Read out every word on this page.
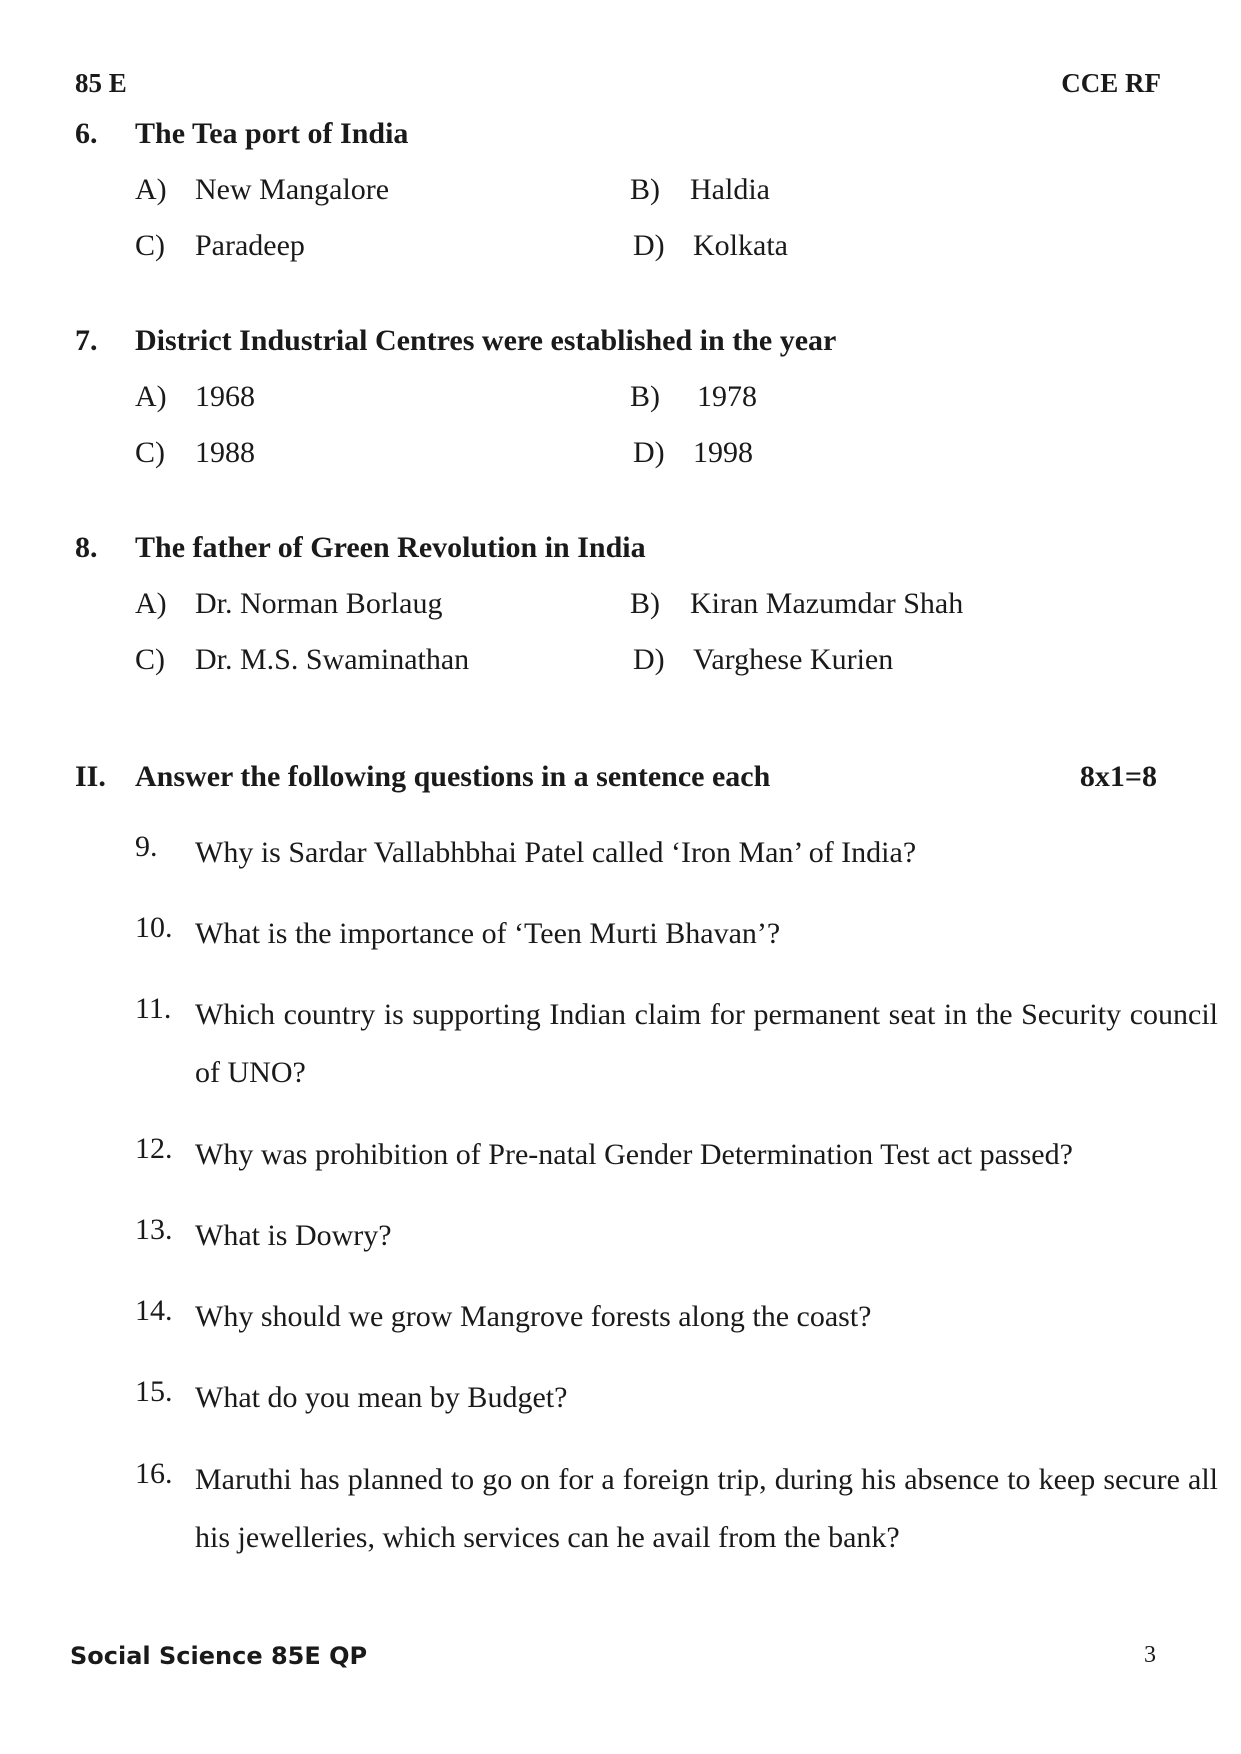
85 E	CCE RF
6. The Tea port of India
A) New Mangalore	B) Haldia
C) Paradeep	D) Kolkata
7. District Industrial Centres were established in the year
A) 1968	B) 1978
C) 1988	D) 1998
8. The father of Green Revolution in India
A) Dr. Norman Borlaug	B) Kiran Mazumdar Shah
C) Dr. M.S. Swaminathan	D) Varghese Kurien
II. Answer the following questions in a sentence each	8x1=8
9. Why is Sardar Vallabhbhai Patel called ‘Iron Man’ of India?
10. What is the importance of ‘Teen Murti Bhavan’?
11. Which country is supporting Indian claim for permanent seat in the Security council of UNO?
12. Why was prohibition of Pre-natal Gender Determination Test act passed?
13. What is Dowry?
14. Why should we grow Mangrove forests along the coast?
15. What do you mean by Budget?
16. Maruthi has planned to go on for a foreign trip, during his absence to keep secure all his jewelleries, which services can he avail from the bank?
Social Science 85E QP	3
